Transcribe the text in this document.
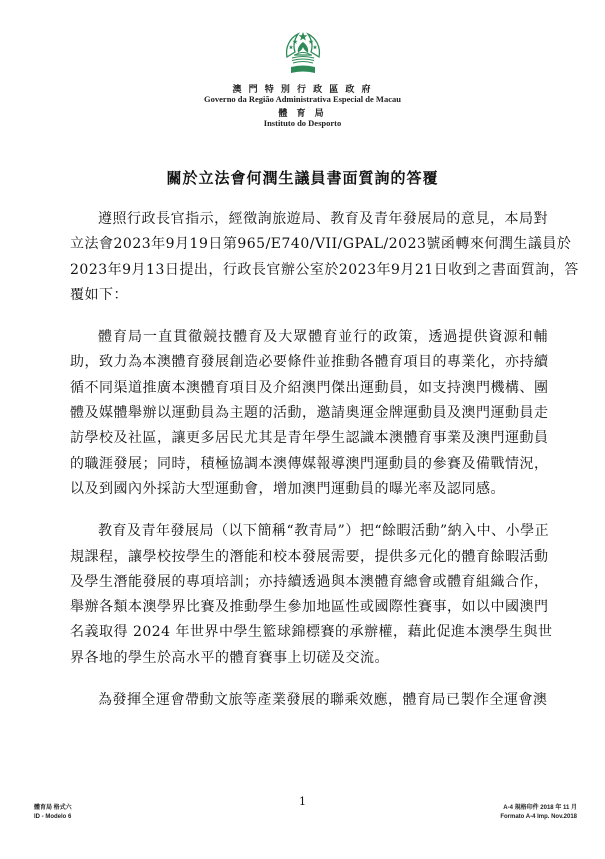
澳 門 特 別 行 政 區 政 府
Governo da Região Administrativa Especial de Macau
體 育 局
Instituto do Desporto
關於立法會何潤生議員書面質詢的答覆
遵照行政長官指示，經徵詢旅遊局、教育及青年發展局的意見，本局對
立法會2023年9月19日第965/E740/VII/GPAL/2023號函轉來何潤生議員於
2023年9月13日提出，行政長官辦公室於2023年9月21日收到之書面質詢，答
覆如下：
體育局一直貫徹競技體育及大眾體育並行的政策，透過提供資源和輔
助，致力為本澳體育發展創造必要條件並推動各體育項目的專業化，亦持續
循不同渠道推廣本澳體育項目及介紹澳門傑出運動員，如支持澳門機構、團
體及媒體舉辦以運動員為主題的活動，邀請奧運金牌運動員及澳門運動員走
訪學校及社區，讓更多居民尤其是青年學生認識本澳體育事業及澳門運動員
的職涯發展；同時，積極協調本澳傳媒報導澳門運動員的參賽及備戰情況，
以及到國內外採訪大型運動會，增加澳門運動員的曝光率及認同感。
教育及青年發展局（以下簡稱“教青局”）把“餘暇活動”納入中、小學正
規課程，讓學校按學生的潛能和校本發展需要，提供多元化的體育餘暇活動
及學生潛能發展的專項培訓；亦持續透過與本澳體育總會或體育組織合作，
舉辦各類本澳學界比賽及推動學生參加地區性或國際性賽事，如以中國澳門
名義取得 2024 年世界中學生籃球錦標賽的承辦權，藉此促進本澳學生與世
界各地的學生於高水平的體育賽事上切磋及交流。
為發揮全運會帶動文旅等產業發展的聯乘效應，體育局已製作全運會澳
1
體育局 格式六
ID - Modelo 6
A-4 規格印件 2018 年 11 月
Formato A-4 Imp. Nov.2018
